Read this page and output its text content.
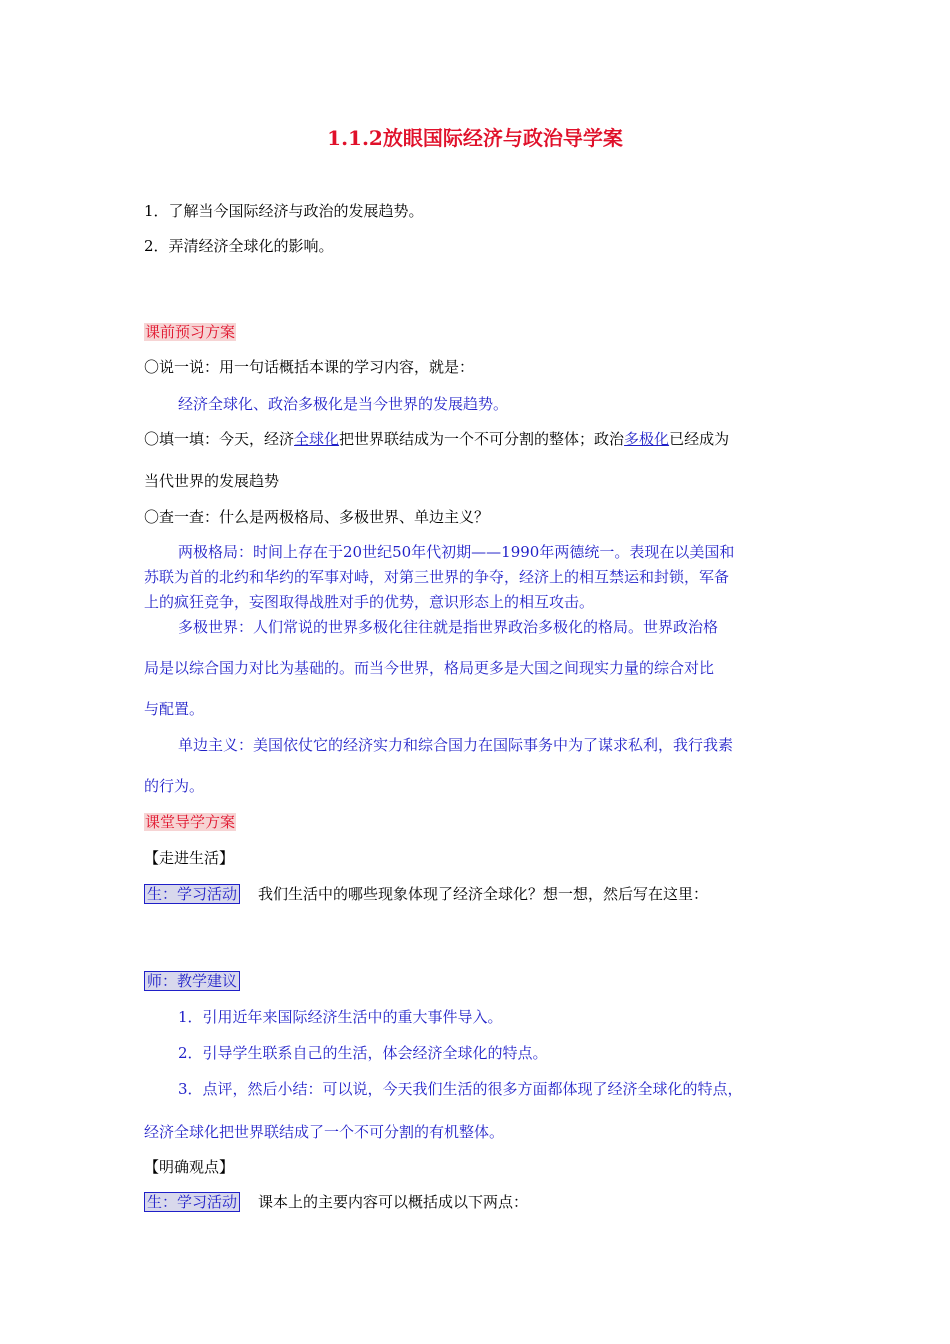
1.1.2放眼国际经济与政治导学案
1．了解当今国际经济与政治的发展趋势。
2．弄清经济全球化的影响。
课前预习方案
〇说一说：用一句话概括本课的学习内容，就是：
经济全球化、政治多极化是当今世界的发展趋势。
〇填一填：今天，经济全球化把世界联结成为一个不可分割的整体；政治多极化已经成为
当代世界的发展趋势
〇查一查：什么是两极格局、多极世界、单边主义？
两极格局：时间上存在于20世纪50年代初期——1990年两德统一。表现在以美国和
苏联为首的北约和华约的军事对峙，对第三世界的争夺，经济上的相互禁运和封锁，军备
上的疯狂竞争，妄图取得战胜对手的优势，意识形态上的相互攻击。
多极世界：人们常说的世界多极化往往就是指世界政治多极化的格局。世界政治格
局是以综合国力对比为基础的。而当今世界，格局更多是大国之间现实力量的综合对比
与配置。
单边主义：美国依仗它的经济实力和综合国力在国际事务中为了谋求私利，我行我素
的行为。
课堂导学方案
【走进生活】
生：学习活动 我们生活中的哪些现象体现了经济全球化？想一想，然后写在这里：
师：教学建议
1．引用近年来国际经济生活中的重大事件导入。
2．引导学生联系自己的生活，体会经济全球化的特点。
3．点评，然后小结：可以说，今天我们生活的很多方面都体现了经济全球化的特点，
经济全球化把世界联结成了一个不可分割的有机整体。
【明确观点】
生：学习活动 课本上的主要内容可以概括成以下两点：
